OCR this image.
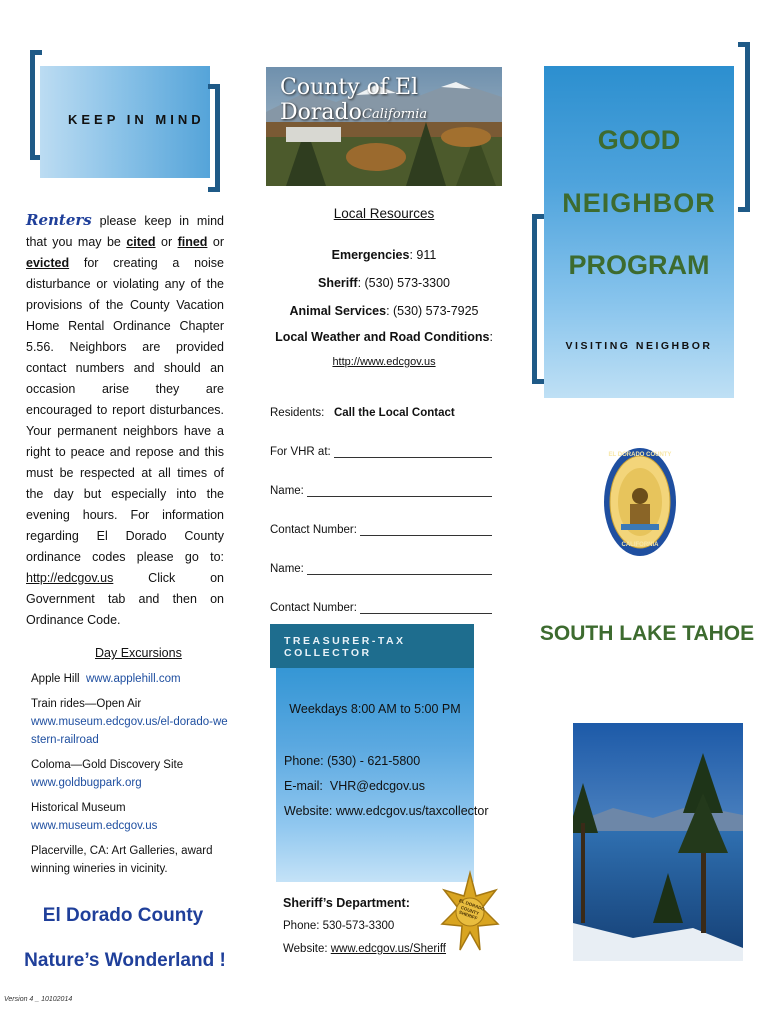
KEEP IN MIND
Renters please keep in mind that you may be cited or fined or evicted for creating a noise disturbance or violating any of the provisions of the County Vacation Home Rental Ordinance Chapter 5.56. Neighbors are provided contact numbers and should an occasion arise they are encouraged to report disturbances. Your permanent neighbors have a right to peace and repose and this must be respected at all times of the day but especially into the evening hours. For information regarding El Dorado County ordinance codes please go to: http://edcgov.us Click on Government tab and then on Ordinance Code.
Day Excursions
Apple Hill www.applehill.com
Train rides—Open Air
www.museum.edcgov.us/el-dorado-western-railroad
Coloma—Gold Discovery Site
www.goldbugpark.org
Historical Museum www.museum.edcgov.us
Placerville, CA: Art Galleries, award winning wineries in vicinity.
El Dorado County
Nature’s Wonderland !
Version 4 _ 10102014
County of El Dorado California
Local Resources
Emergencies: 911
Sheriff: (530) 573-3300
Animal Services: (530) 573-7925
Local Weather and Road Conditions:
http://www.edcgov.us
Residents: Call the Local Contact
For VHR at:
Name:
Contact Number:
Name:
Contact Number:
TREASURER-TAX COLLECTOR
Weekdays 8:00 AM to 5:00 PM
Phone: (530) - 621-5800
E-mail: VHR@edcgov.us
Website: www.edcgov.us/taxcollector
Sheriff’s Department:
Phone: 530-573-3300
Website: www.edcgov.us/Sheriff
EL DORADO COUNTY SHERIFF
GOOD
NEIGHBOR
PROGRAM
VISITING NEIGHBOR
EL DORADO COUNTY
CALIFORNIA
SOUTH LAKE TAHOE
